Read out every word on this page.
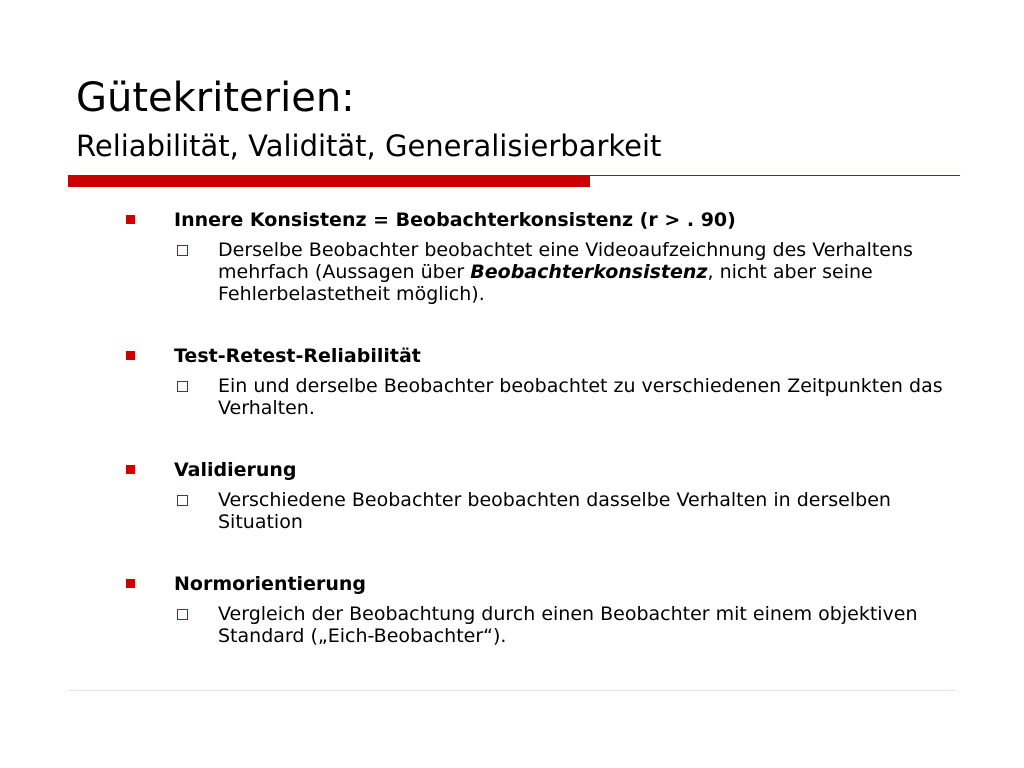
Gütekriterien:
Reliabilität, Validität, Generalisierbarkeit
Innere Konsistenz = Beobachterkonsistenz (r > . 90)
Derselbe Beobachter beobachtet eine Videoaufzeichnung des Verhaltens mehrfach (Aussagen über Beobachterkonsistenz, nicht aber seine Fehlerbelastetheit möglich).
Test-Retest-Reliabilität
Ein und derselbe Beobachter beobachtet zu verschiedenen Zeitpunkten das Verhalten.
Validierung
Verschiedene Beobachter beobachten dasselbe Verhalten in derselben Situation
Normorientierung
Vergleich der Beobachtung durch einen Beobachter mit einem objektiven Standard („Eich-Beobachter“).
